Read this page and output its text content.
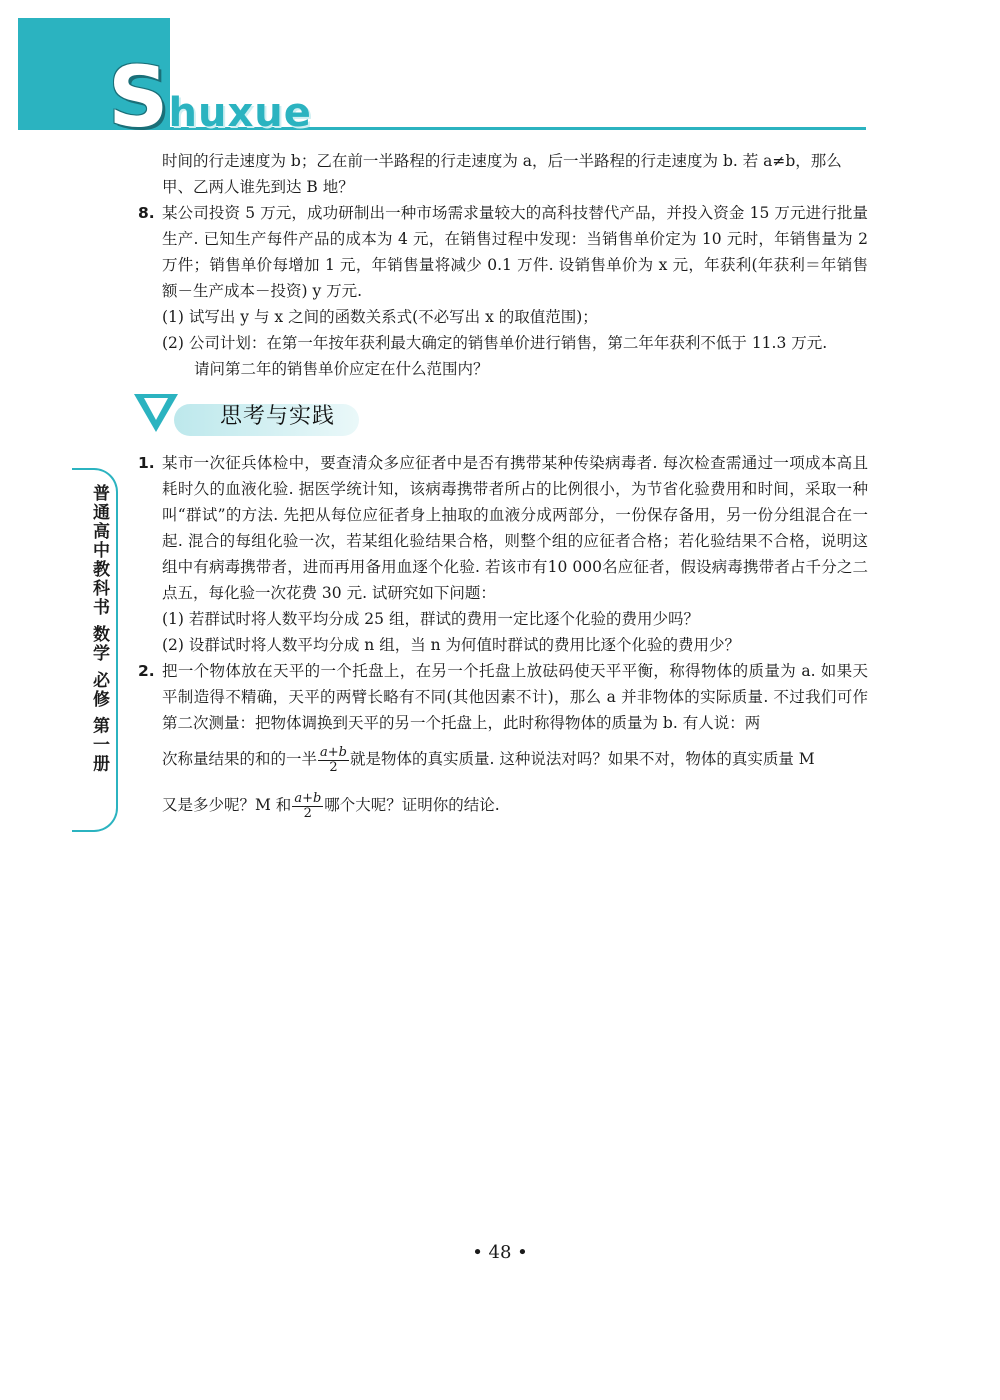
Shuxue
普通高中教科书 数学 必修 第一册

时间的行走速度为 b；乙在前一半路程的行走速度为 a，后一半路程的行走速度为 b. 若 a≠b，那么

甲、乙两人谁先到达 B 地？

8. 某公司投资 5 万元，成功研制出一种市场需求量较大的高科技替代产品，并投入资金 15 万元进行批量生产. 已知生产每件产品的成本为 4 元，在销售过程中发现：当销售单价定为 10 元时，年销售量为 2 万件；销售单价每增加 1 元，年销售量将减少 0.1 万件. 设销售单价为 x 元，年获利(年获利＝年销售额－生产成本－投资) y 万元.

(1) 试写出 y 与 x 之间的函数关系式(不必写出 x 的取值范围)；

(2) 公司计划：在第一年按年获利最大确定的销售单价进行销售，第二年年获利不低于 11.3 万元.

请问第二年的销售单价应定在什么范围内？

思考与实践
1. 某市一次征兵体检中，要查清众多应征者中是否有携带某种传染病毒者. 每次检查需通过一项成本高且耗时久的血液化验. 据医学统计知，该病毒携带者所占的比例很小，为节省化验费用和时间，采取一种叫“群试”的方法. 先把从每位应征者身上抽取的血液分成两部分，一份保存备用，另一份分组混合在一起. 混合的每组化验一次，若某组化验结果合格，则整个组的应征者合格；若化验结果不合格，说明这组中有病毒携带者，进而再用备用血逐个化验. 若该市有10 000名应征者，假设病毒携带者占千分之二点五，每化验一次花费 30 元. 试研究如下问题：

(1) 若群试时将人数平均分成 25 组，群试的费用一定比逐个化验的费用少吗？

(2) 设群试时将人数平均分成 n 组，当 n 为何值时群试的费用比逐个化验的费用少？

2. 把一个物体放在天平的一个托盘上，在另一个托盘上放砝码使天平平衡，称得物体的质量为 a. 如果天平制造得不精确，天平的两臂长略有不同(其他因素不计)，那么 a 并非物体的实际质量. 不过我们可作第二次测量：把物体调换到天平的另一个托盘上，此时称得物体的质量为 b. 有人说：两

次称量结果的和的一半 $\frac{a+b}{2}$ 就是物体的真实质量. 这种说法对吗？如果不对，物体的真实质量 M

又是多少呢？M 和 $\frac{a+b}{2}$ 哪个大呢？证明你的结论.

• 48 •
